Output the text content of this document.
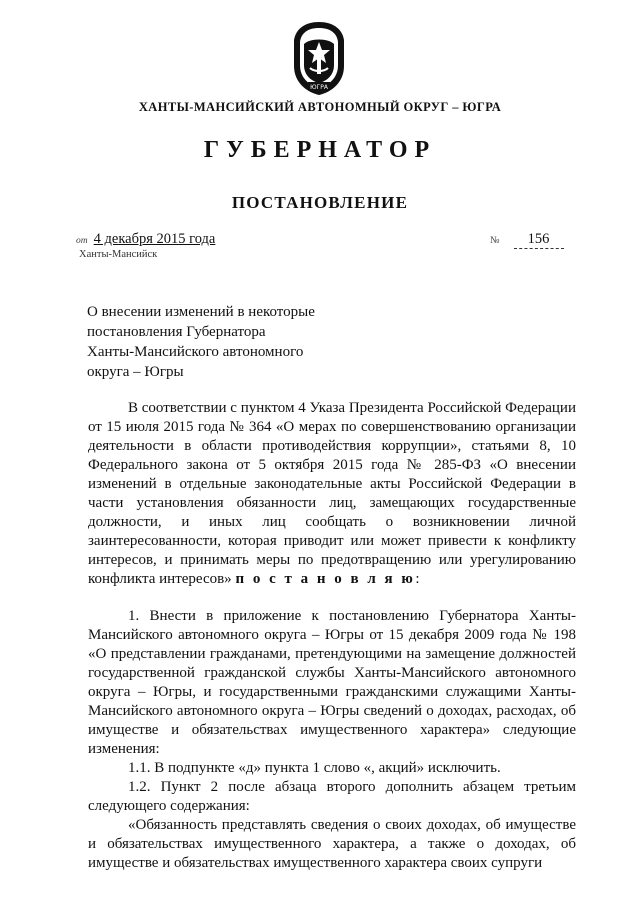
ЮГРА
ХАНТЫ-МАНСИЙСКИЙ АВТОНОМНЫЙ ОКРУГ – ЮГРА
ГУБЕРНАТОР
ПОСТАНОВЛЕНИЕ
от 4 декабря 2015 года
Ханты-Мансийск
№ 156
О внесении изменений в некоторые
постановления Губернатора
Ханты-Мансийского автономного
округа – Югры

В соответствии с пунктом 4 Указа Президента Российской Федерации от 15 июля 2015 года № 364 «О мерах по совершенствованию организации деятельности в области противодействия коррупции», статьями 8, 10 Федерального закона от 5 октября 2015 года № 285-ФЗ «О внесении изменений в отдельные законодательные акты Российской Федерации в части установления обязанности лиц, замещающих государственные должности, и иных лиц сообщать о возникновении личной заинтересованности, которая приводит или может привести к конфликту интересов, и принимать меры по предотвращению или урегулированию конфликта интересов» п о с т а н о в л я ю:

1. Внести в приложение к постановлению Губернатора Ханты-Мансийского автономного округа – Югры от 15 декабря 2009 года № 198 «О представлении гражданами, претендующими на замещение должностей государственной гражданской службы Ханты-Мансийского автономного округа – Югры, и государственными гражданскими служащими Ханты-Мансийского автономного округа – Югры сведений о доходах, расходах, об имуществе и обязательствах имущественного характера» следующие изменения:

1.1. В подпункте «д» пункта 1 слово «, акций» исключить.

1.2. Пункт 2 после абзаца второго дополнить абзацем третьим следующего содержания:

«Обязанность представлять сведения о своих доходах, об имуществе и обязательствах имущественного характера, а также о доходах, об имуществе и обязательствах имущественного характера своих супруги
